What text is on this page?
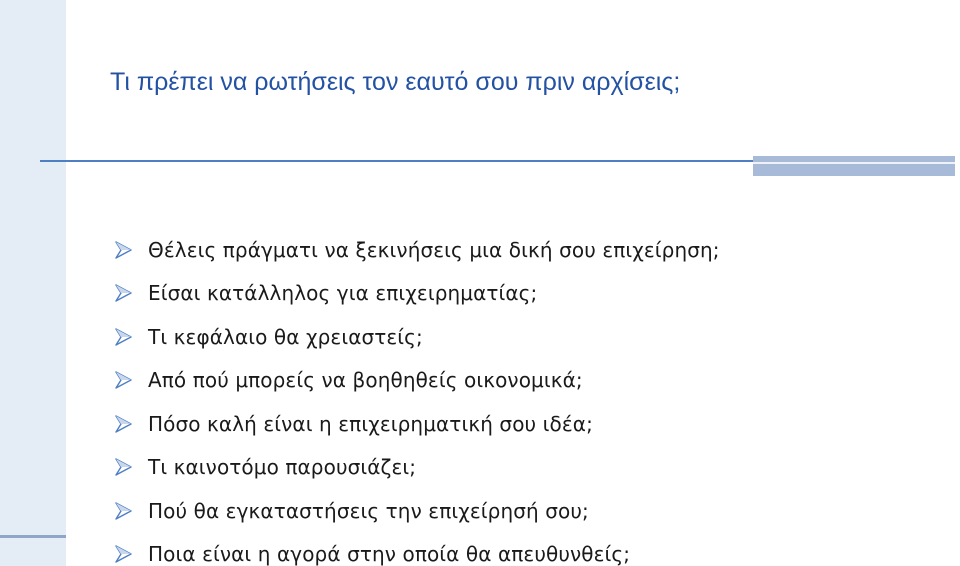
Τι πρέπει να ρωτήσεις τον εαυτό σου πριν αρχίσεις;
Θέλεις πράγματι να ξεκινήσεις μια δική σου επιχείρηση;
Είσαι κατάλληλος για επιχειρηματίας;
Τι κεφάλαιο θα χρειαστείς;
Από πού μπορείς να βοηθηθείς οικονομικά;
Πόσο καλή είναι η επιχειρηματική σου ιδέα;
Τι καινοτόμο παρουσιάζει;
Πού θα εγκαταστήσεις την επιχείρησή σου;
Ποια είναι η αγορά στην οποία θα απευθυνθείς;
